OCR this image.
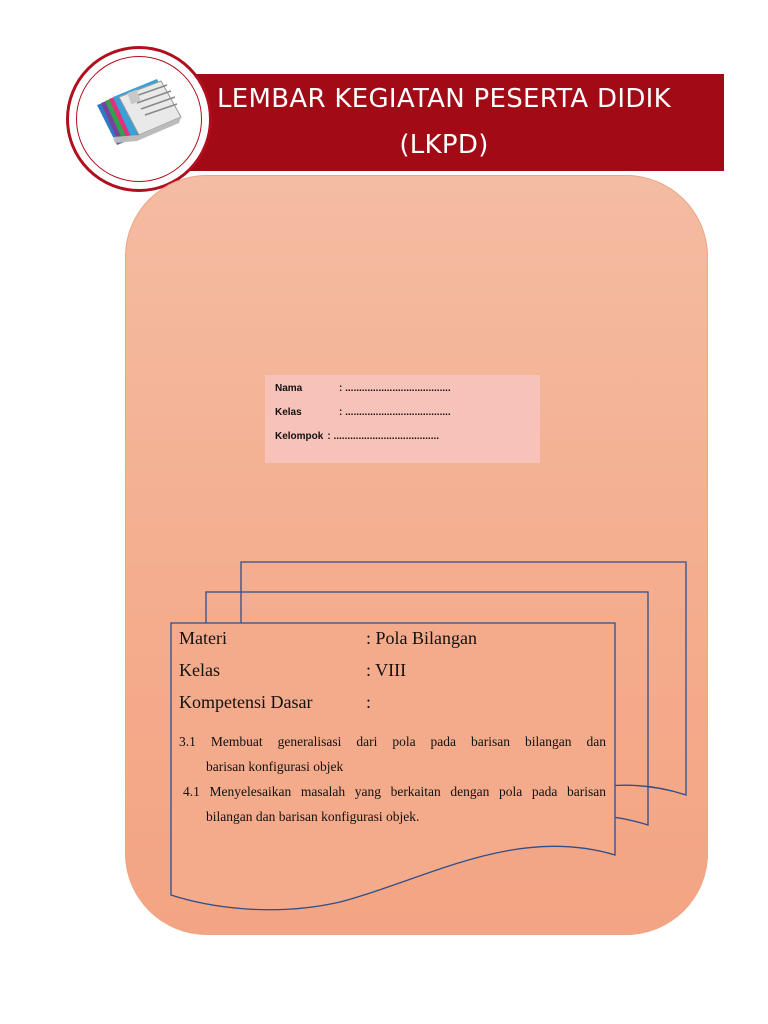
LEMBAR KEGIATAN PESERTA DIDIK
(LKPD)
Nama	: ......................................
Kelas	: ......................................
Kelompok : ......................................
Materi	: Pola Bilangan
Kelas	: VIII
Kompetensi Dasar	:
3.1 Membuat generalisasi dari pola pada barisan bilangan dan
barisan konfigurasi objek
4.1 Menyelesaikan masalah yang berkaitan dengan pola pada barisan
bilangan dan barisan konfigurasi objek.
